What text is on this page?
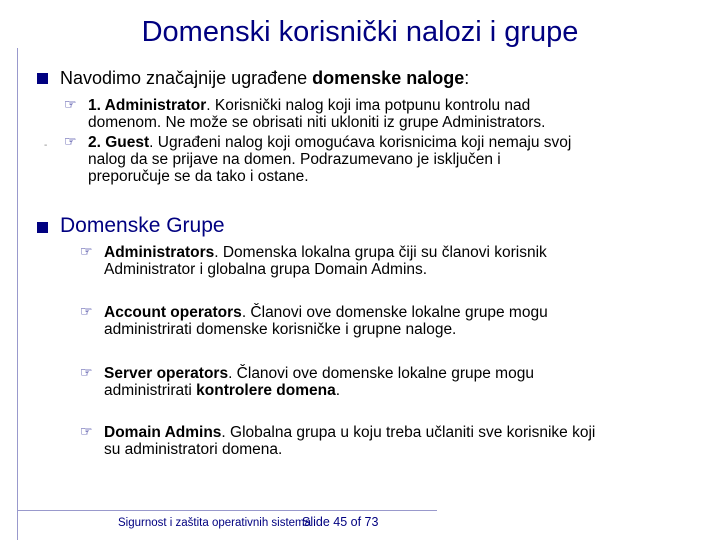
Domenski korisnički nalozi i grupe
Navodimo značajnije ugrađene domenske naloge:
☞ 1. Administrator. Korisnički nalog koji ima potpunu kontrolu nad
domenom. Ne može se obrisati niti ukloniti iz grupe Administrators.
- ☞ 2. Guest. Ugrađeni nalog koji omogućava korisnicima koji nemaju svoj
nalog da se prijave na domen. Podrazumevano je isključen i
preporučuje se da tako i ostane.
Domenske Grupe
☞ Administrators. Domenska lokalna grupa čiji su članovi korisnik
Administrator i globalna grupa Domain Admins.
☞ Account operators. Članovi ove domenske lokalne grupe mogu
administrirati domenske korisničke i grupne naloge.
☞ Server operators. Članovi ove domenske lokalne grupe mogu
administrirati kontrolere domena.
☞ Domain Admins. Globalna grupa u koju treba učlaniti sve korisnike koji
su administratori domena.
Sigurnost i zaštita operativnih sistema
Slide 45 of 73
